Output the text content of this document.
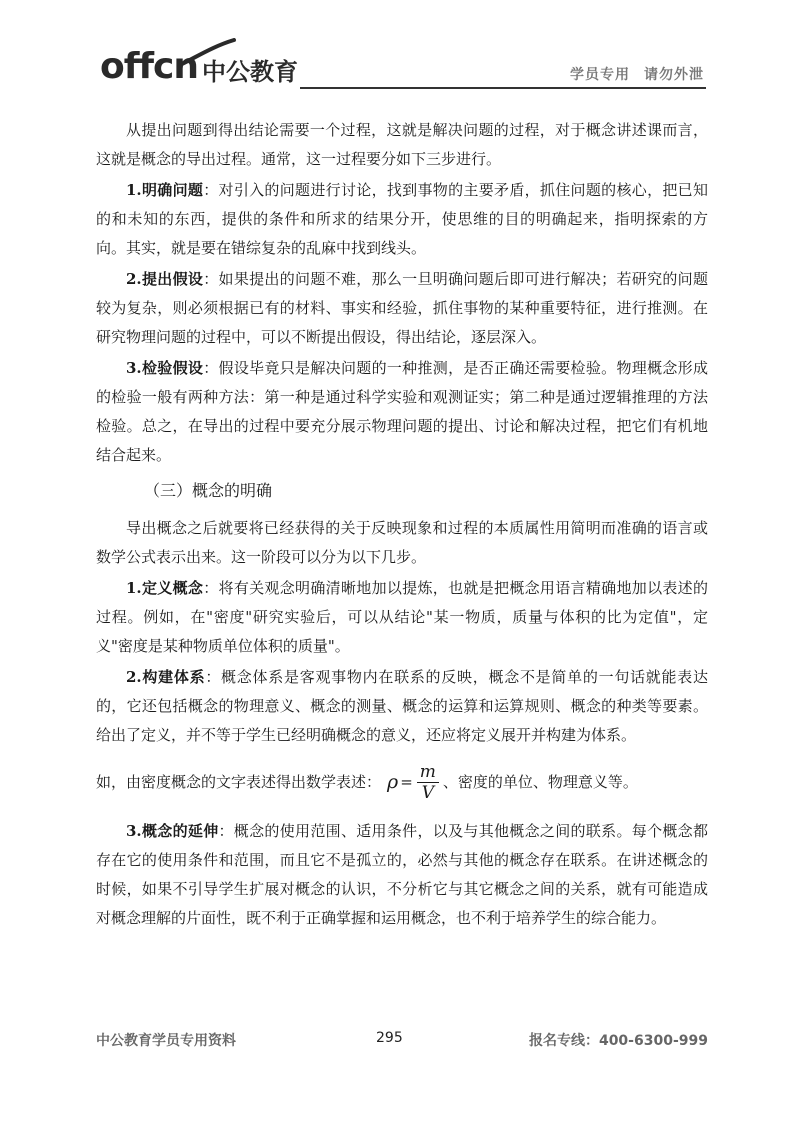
offcn 中公教育	学员专用 请勿外泄

从提出问题到得出结论需要一个过程，这就是解决问题的过程，对于概念讲述课而言，这就是概念的导出过程。通常，这一过程要分如下三步进行。

1.明确问题：对引入的问题进行讨论，找到事物的主要矛盾，抓住问题的核心，把已知的和未知的东西，提供的条件和所求的结果分开，使思维的目的明确起来，指明探索的方向。其实，就是要在错综复杂的乱麻中找到线头。

2.提出假设：如果提出的问题不难，那么一旦明确问题后即可进行解决；若研究的问题较为复杂，则必须根据已有的材料、事实和经验，抓住事物的某种重要特征，进行推测。在研究物理问题的过程中，可以不断提出假设，得出结论，逐层深入。

3.检验假设：假设毕竟只是解决问题的一种推测，是否正确还需要检验。物理概念形成的检验一般有两种方法：第一种是通过科学实验和观测证实；第二种是通过逻辑推理的方法检验。总之，在导出的过程中要充分展示物理问题的提出、讨论和解决过程，把它们有机地结合起来。

（三）概念的明确

导出概念之后就要将已经获得的关于反映现象和过程的本质属性用简明而准确的语言或数学公式表示出来。这一阶段可以分为以下几步。

1.定义概念：将有关观念明确清晰地加以提炼，也就是把概念用语言精确地加以表述的过程。例如，在"密度"研究实验后，可以从结论"某一物质，质量与体积的比为定值"，定义"密度是某种物质单位体积的质量"。

2.构建体系：概念体系是客观事物内在联系的反映，概念不是简单的一句话就能表达的，它还包括概念的物理意义、概念的测量、概念的运算和运算规则、概念的种类等要素。给出了定义，并不等于学生已经明确概念的意义，还应将定义展开并构建为体系。

如，由密度概念的文字表述得出数学表述： $\rho = \frac{m}{V}$ 、密度的单位、物理意义等。

3.概念的延伸：概念的使用范围、适用条件，以及与其他概念之间的联系。每个概念都存在它的使用条件和范围，而且它不是孤立的，必然与其他的概念存在联系。在讲述概念的时候，如果不引导学生扩展对概念的认识，不分析它与其它概念之间的关系，就有可能造成对概念理解的片面性，既不利于正确掌握和运用概念，也不利于培养学生的综合能力。

中公教育学员专用资料	295	报名专线：400-6300-999
